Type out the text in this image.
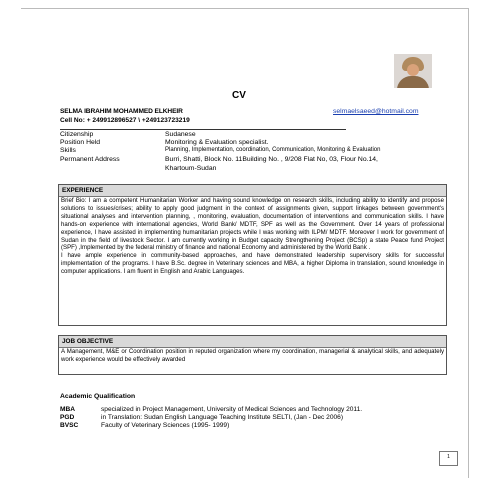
CV
SELMA IBRAHIM MOHAMMED ELKHEIR	selmaelsaeed@hotmail.com
Cell No: + 249912896527 \ +249123723219
Citizenship	Sudanese
Position Held	Monitoring & Evaluation specialist.
Skills	Planning, Implementation, coordination, Communication, Monitoring & Evaluation
Permanent Address	Burri, Shatti, Block No. 11Building No. , 9/208 Flat No, 03, Flour No.14,
Khartoum-Sudan
EXPERIENCE

Brief Bio: I am a competent Humanitarian Worker and having sound knowledge on research skills, including ability to identify and propose solutions to issues/crises; ability to apply good judgment in the context of assignments given, support linkages between government's situational analyses and intervention planning, , monitoring, evaluation, documentation of interventions and communication skills. I have hands-on experience with international agencies, World Bank/ MDTF, SPF as well as the Government. Over 14 years of professional experience, I have assisted in implementing humanitarian projects while I was working with ILPM/ MDTF. Moreover I work for government of Sudan in the field of livestock Sector. I am currently working in Budget capacity Strengthening Project (BCSp) a state Peace fund Project (SPF) ,Implemented by the federal ministry of finance and national Economy and administered by the World Bank .

I have ample experience in community-based approaches, and have demonstrated leadership supervisory skills for successful implementation of the programs. I have B.Sc. degree in Veterinary sciences and MBA, a higher Diploma in translation, sound knowledge in computer applications. I am fluent in English and Arabic Languages.

JOB OBJECTIVE

A Management, M&E or Coordination position in reputed organization where my coordination, managerial & analytical skills, and adequately work experience would be effectively awarded

Academic Qualification
MBA	specialized in Project Management, University of Medical Sciences and Technology 2011.
PGD	in Translation: Sudan English Language Teaching Institute SELTI, (Jan - Dec 2006)
BVSC	Faculty of Veterinary Sciences (1995- 1999)
1
